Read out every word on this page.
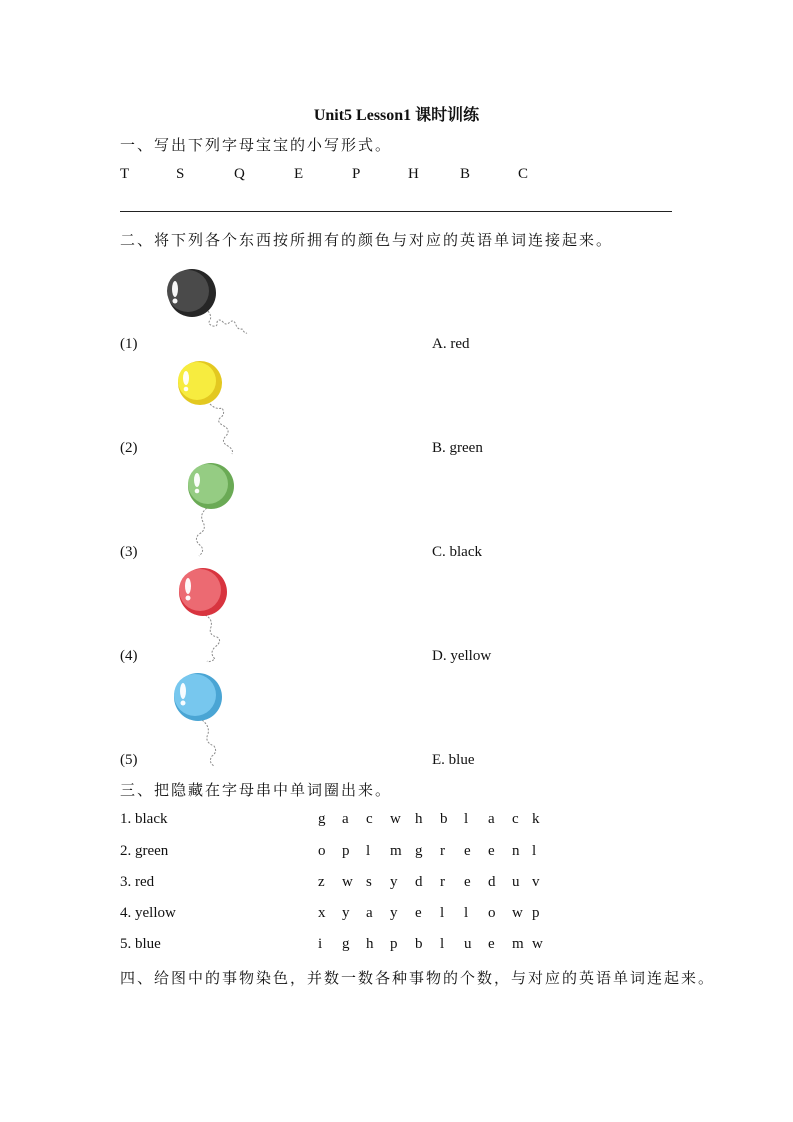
Unit5 Lesson1 课时训练
一、写出下列字母宝宝的小写形式。
T	S	Q	E	P	H	B	C
二、将下列各个东西按所拥有的颜色与对应的英语单词连接起来。
(1)	A. red
(2)	B. green
(3)	C. black
(4)	D. yellow
(5)	E. blue
三、把隐藏在字母串中单词圈出来。
1. black	g a c w h b l a c k
2. green	o p l m g r e e n l
3. red	z w s y d r e d u v
4. yellow	x y a y e l l o w p
5. blue	i g h p b l u e m w
四、给图中的事物染色，并数一数各种事物的个数，与对应的英语单词连起来。
